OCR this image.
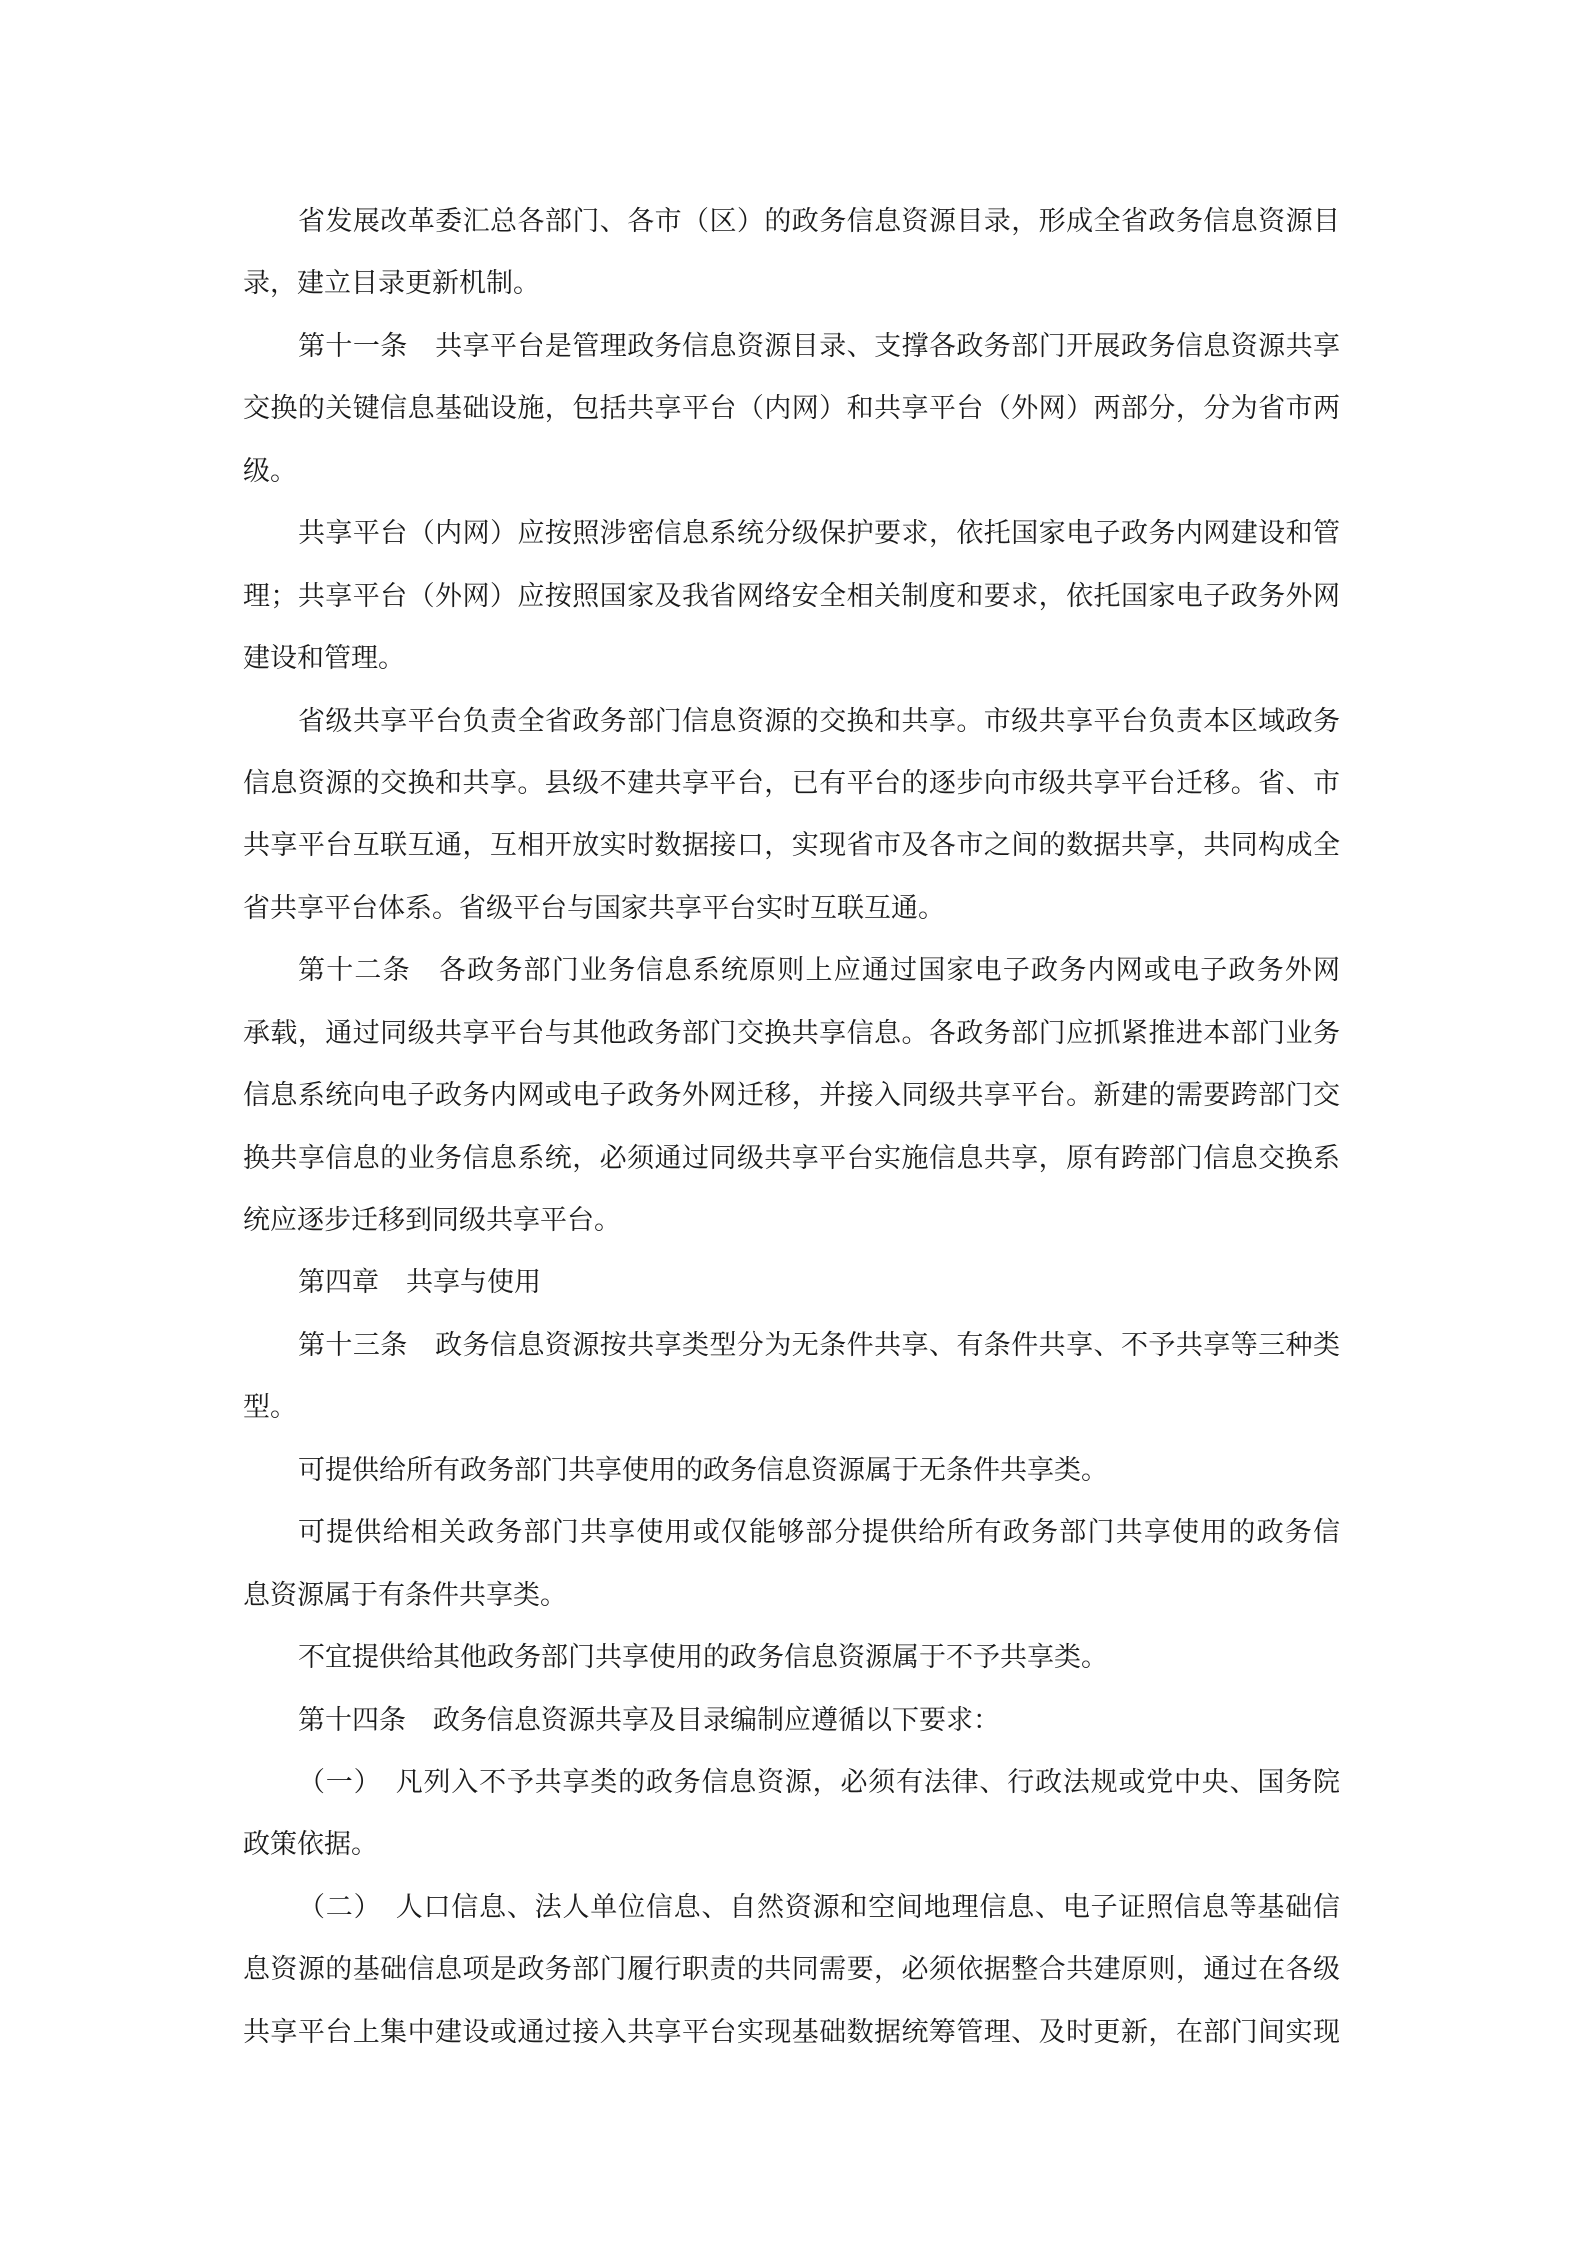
省发展改革委汇总各部门、各市（区）的政务信息资源目录，形成全省政务信息资源目
录，建立目录更新机制。
第十一条　共享平台是管理政务信息资源目录、支撑各政务部门开展政务信息资源共享
交换的关键信息基础设施，包括共享平台（内网）和共享平台（外网）两部分，分为省市两
级。
共享平台（内网）应按照涉密信息系统分级保护要求，依托国家电子政务内网建设和管
理；共享平台（外网）应按照国家及我省网络安全相关制度和要求，依托国家电子政务外网
建设和管理。
省级共享平台负责全省政务部门信息资源的交换和共享。市级共享平台负责本区域政务
信息资源的交换和共享。县级不建共享平台，已有平台的逐步向市级共享平台迁移。省、市
共享平台互联互通，互相开放实时数据接口，实现省市及各市之间的数据共享，共同构成全
省共享平台体系。省级平台与国家共享平台实时互联互通。
第十二条　各政务部门业务信息系统原则上应通过国家电子政务内网或电子政务外网
承载，通过同级共享平台与其他政务部门交换共享信息。各政务部门应抓紧推进本部门业务
信息系统向电子政务内网或电子政务外网迁移，并接入同级共享平台。新建的需要跨部门交
换共享信息的业务信息系统，必须通过同级共享平台实施信息共享，原有跨部门信息交换系
统应逐步迁移到同级共享平台。
第四章　共享与使用
第十三条　政务信息资源按共享类型分为无条件共享、有条件共享、不予共享等三种类
型。
可提供给所有政务部门共享使用的政务信息资源属于无条件共享类。
可提供给相关政务部门共享使用或仅能够部分提供给所有政务部门共享使用的政务信
息资源属于有条件共享类。
不宜提供给其他政务部门共享使用的政务信息资源属于不予共享类。
第十四条　政务信息资源共享及目录编制应遵循以下要求：
（一）　凡列入不予共享类的政务信息资源，必须有法律、行政法规或党中央、国务院
政策依据。
（二）　人口信息、法人单位信息、自然资源和空间地理信息、电子证照信息等基础信
息资源的基础信息项是政务部门履行职责的共同需要，必须依据整合共建原则，通过在各级
共享平台上集中建设或通过接入共享平台实现基础数据统筹管理、及时更新，在部门间实现
